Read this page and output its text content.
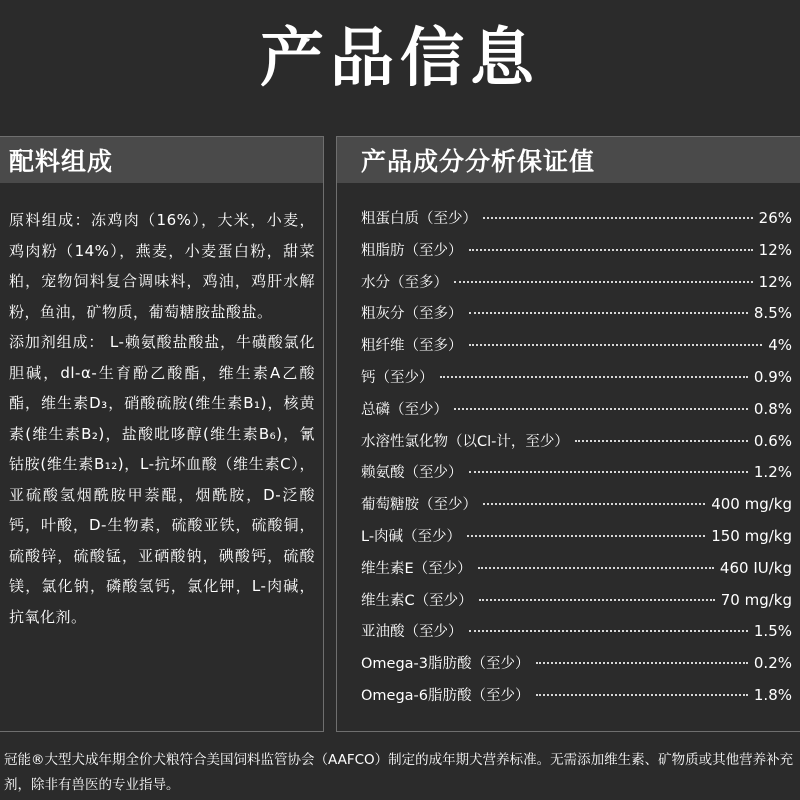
产品信息
配料组成

原料组成：冻鸡肉（16%），大米，小麦，鸡肉粉（14%），燕麦，小麦蛋白粉，甜菜粕，宠物饲料复合调味料，鸡油，鸡肝水解粉，鱼油，矿物质，葡萄糖胺盐酸盐。

添加剂组成： L-赖氨酸盐酸盐，牛磺酸氯化胆碱，dl-α-生育酚乙酸酯，维生素A乙酸酯，维生素D₃，硝酸硫胺(维生素B₁)，核黄素(维生素B₂)，盐酸吡哆醇(维生素B₆)，氰钴胺(维生素B₁₂)，L-抗坏血酸（维生素C），亚硫酸氢烟酰胺甲萘醌，烟酰胺，D-泛酸钙，叶酸，D-生物素，硫酸亚铁，硫酸铜，硫酸锌，硫酸锰，亚硒酸钠，碘酸钙，硫酸镁，氯化钠，磷酸氢钙，氯化钾，L-肉碱，抗氧化剂。

产品成分分析保证值
粗蛋白质（至少）	26%
粗脂肪（至少）	12%
水分（至多）	12%
粗灰分（至多）	8.5%
粗纤维（至多）	4%
钙（至少）	0.9%
总磷（至少）	0.8%
水溶性氯化物（以Cl-计，至少）	0.6%
赖氨酸（至少）	1.2%
葡萄糖胺（至少）	400 mg/kg
L-肉碱（至少）	150 mg/kg
维生素E（至少）	460 IU/kg
维生素C（至少）	70 mg/kg
亚油酸（至少）	1.5%
Omega-3脂肪酸（至少）	0.2%
Omega-6脂肪酸（至少）	1.8%
冠能®大型犬成年期全价犬粮符合美国饲料监管协会（AAFCO）制定的成年期犬营养标准。无需添加维生素、矿物质或其他营养补充剂，除非有兽医的专业指导。
